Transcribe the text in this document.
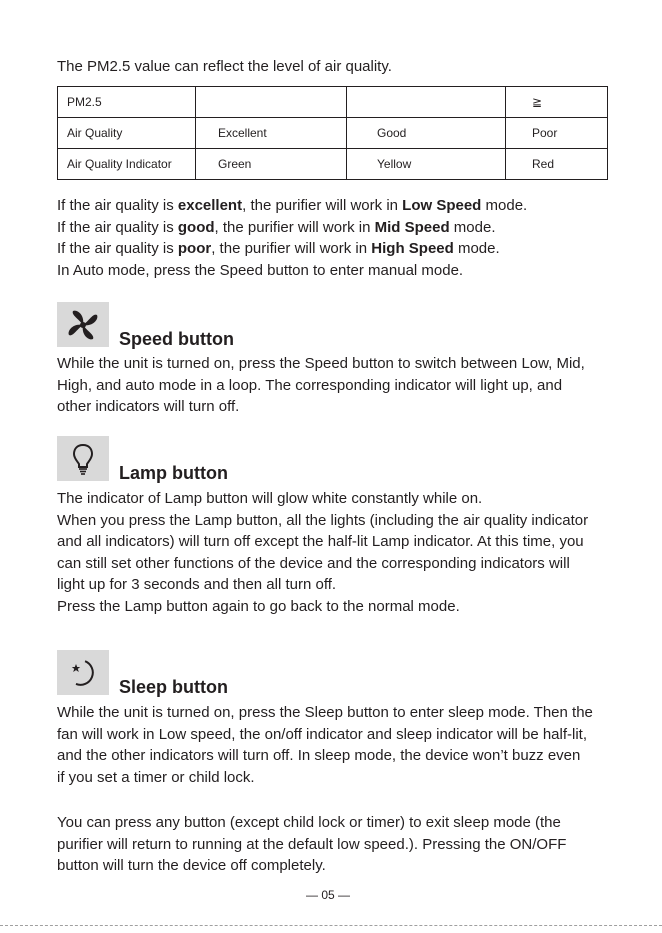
The PM2.5 value can reflect the level of air quality.
PM2.5			≧
Air Quality	Excellent	Good	Poor
Air Quality Indicator	Green	Yellow	Red
If the air quality is excellent, the purifier will work in Low Speed mode.
If the air quality is good, the purifier will work in Mid Speed mode.
If the air quality is poor, the purifier will work in High Speed mode.
In Auto mode, press the Speed button to enter manual mode.
Speed button
While the unit is turned on, press the Speed button to switch between Low, Mid,
High, and auto mode in a loop. The corresponding indicator will light up, and
other indicators will turn off.
Lamp button
The indicator of Lamp button will glow white constantly while on.
When you press the Lamp button, all the lights (including the air quality indicator
and all indicators) will turn off except the half-lit Lamp indicator. At this time, you
can still set other functions of the device and the corresponding indicators will
light up for 3 seconds and then all turn off.
Press the Lamp button again to go back to the normal mode.
Sleep button
While the unit is turned on, press the Sleep button to enter sleep mode. Then the
fan will work in Low speed, the on/off indicator and sleep indicator will be half-lit,
and the other indicators will turn off. In sleep mode, the device won’t buzz even
if you set a timer or child lock.
You can press any button (except child lock or timer) to exit sleep mode (the
purifier will return to running at the default low speed.). Pressing the ON/OFF
button will turn the device off completely.
— 05 —
